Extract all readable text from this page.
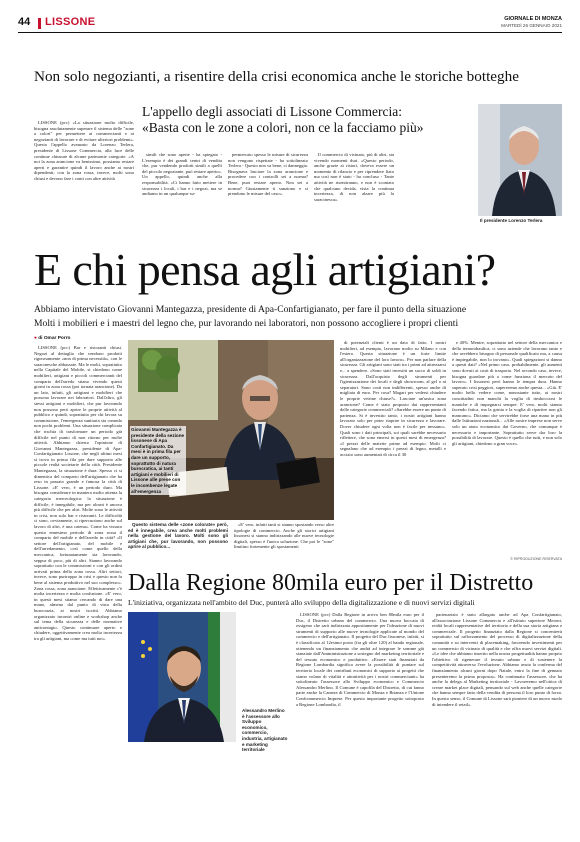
44 LISSONE	GIORNALE DI MONZA
MARTEDÌ 26 GENNAIO 2021
Non solo negozianti, a risentire della crisi economica anche le storiche botteghe
L'appello degli associati di Lissone Commercia:
«Basta con le zone a colori, non ce la facciamo più»

LISSONE (pcc) «La situazione molto difficile, bisogna assolutamente superare il sistema delle "zone a colori" per permettere ai commercianti e ai negozianti di lavorare e di evitare ulteriori problemi». Questo l'appello avanzato da Lorenzo Terlera, presidente di Lissone Commercia, alla luce delle continue chiusure di alcune parimonie categorie. «A noi la zona arancione va benissimo, possiamo restare aperti e garantire quindi il lavoro anche ai nostri dipendenti; con la zona rossa, invece, molti sono chiusi e devono fare i conti con altre attività

simili che sono aperte - ha spiegato - L'esempio è dei grandi centri di vendita che, pur vendendo prodotti simili a quelli del piccolo negoziante, può restare aperto». Un appello, quindi anche alla responsabilità. «Ci hanno fatto mettere in sicurezza i locali, i bar e i negozi, ma se andiamo in un qualunque su-

permercato spesso le misure di sicurezza non vengono rispettate - ha sottolineato Terlera - Questo non va bene, ci danneggia. Bisognava lasciare la zona arancione e procedere con i controlli sei a norma? Bene, puoi restare aperto. Non sei a norma? Giustamente ti sanziono e si prendono le misure del caso».

Il commercio di vicinato, più di altri, sta vivendo momenti duri. «Questo periodo, anche grazie ai ristori, doveva essere un momento di rilancio e per riprendere fiato ma così non è stato - ha concluso - Tante attività ne risentiranno, e non è scontato che qualcuno decida, vista la continua incertezza, di non alzare più la saracinesca».

Il presidente Lorenzo Terlera
E chi pensa agli artigiani?
Abbiamo intervistato Giovanni Mantegazza, presidente di Apa-Confartigianato, per fare il punto della situazione
Molti i mobilieri e i maestri del legno che, pur lavorando nei laboratori, non possono accogliere i propri clienti
● di Omar Porro

LISSONE (pcc) Bar e ristoranti chiusi. Negozi al dettaglio che vendono prodotti rigorosamente «non di prima necessità», con le saracinesche abbassate. Ma le molti, soprattutto nella Capitale del Mobile, si chiedono come mobilieri, artigiani e piccoli commercianti del comparto dell'arredo stiano vivendo questi giorni in zona rossa (poi tornata arancione). Da un lato, infatti, gli artigiani e mobilieri che possono lavorare nei laboratori. Dall'altro, gli stessi artigiani e mobilieri, che pur lavorando non possono però aprire le proprie attività al pubblico e quindi, soprattutto per chi lavora su commissione, l'emergenza sanitaria sta creando non pochi problemi. Una situazione complicata che rischia di trasformare un periodo già difficile nel punto di non ritorno per molte attività. Abbiamo chiesto l'opinione di Giovanni Mantegazza, presidente di Apa-Confartigianato Lissone, che negli ultimi mesi si trova in prima fila per dare supporto alle piccole realtà societarie della città. Presidente Mantegazza, la situazione è dura. Spesso ci si dimentica del comparto dell'artigianato che ha reso in passato grande e famosa la città di Lissone. «E' vero, è un periodo duro. Ma bisogna considerare in maniera molto attenta la categoria merceologica: la situazione è difficile, è innegabile, ma per alcuni è ancora più difficile che per altri. Molte sono le attività in crisi, non solo bar e ristoranti. Le difficoltà ci sono, ovviamente, si ripercuotono anche sul lavoro di altri, è una catena». Come ha vissuto questo ennesimo periodo di zona rossa il comparto del mobile e dell'arredo in città? «Il settore dell'artigianato, del mobile e dell'arredamento, così come quello della meccanica, fortunatamente sta lavorando, seppur di poco, più di altri. Stanno lavorando soprattutto con le commissioni e con gli ordini arrivati prima della zona rossa. Altri settori, invece, sono purtroppo in crisi e questo non fa bene al sistema produttivo nel suo complesso». Zona rossa, zona arancione. Effettivamente c'è molta incertezza e molta confusione. «E' vero, in questi mesi stiamo cercando di dare una mano, almeno dal punto di vista della burocrazia, ai nostri iscritti. Abbiamo organizzato incontri online e workshop anche sul tema della sicurezza e delle normative anticontagio. Questo continuare aperto e chiudere, oggettivamente crea molta incertezza tra gli artigiani, ma come ma tutti noi».

Giovanni Mantegazza è presidente della sezione lissonese di Apa Confartigianato. Da mesi è in prima fila per dare un supporto, soprattutto di natura burocratica, ai tanti artigiani e mobilieri di Lissone alle prese con le incombenze legate all'emergenza

Questo sistema delle «zone colorate» però, ed è innegabile, crea anche molti problemi nella gestione del lavoro. Molti sono gli artigiani che, pur lavorando, non possono aprire al pubblico...

«E' vero, infatti tanti si stanno spostando verso altre tipologie di commercio. Anche gli storici artigiani lissonesi si stanno indirizzando alle nuove tecnologie digitali, spesso è l'unica soluzione. Che poi le "zone" limitino fortemente gli spostamenti

di potenziali clienti è un dato di fatto. I nostri mobilieri, ad esempio, lavorano molto su Milano e con l'estero. Questa situazione è un forte limite all'organizzazione del loro lavoro». Per non parlare della sicurezza. Gli artigiani sono stati tra i primi ad attrezzarsi e... a spendere. «Sono stati investiti un sacco di soldi in sicurezza. Dall'acquisto degli strumenti per l'igienizzazione dei locali e degli showroom, al gel o ai separatori. Sono costi non indifferenti, spesso anche di migliaia di euro. Per cosa? Magari per vedersi chiudere le proprie vetrine chiuse?». Lasciare un'unica zona arancione? Come è stato proposto dai rappresentanti delle categorie commerciali? «Sarebbe essere un punto di partenza. Si è investito tanto, i nostri artigiani hanno lavorato solo per poter riaprire in sicurezza e lavorare. Dover chiudere ogni volta non è facile per nessuno». Quali sono i dati principali, soi quali sarebbe necessario riflettere, che sono emersi in questi mesi di emergenza? «I prezzi delle materie prime ad esempio. Molti ci segnalano che ad esempio i prezzi di legno, metalli e acciaio sono aumentati di circa il 30

e 40%. Mentre, soprattutto nel settore della meccanica e della termoidraulica, ci sono aziende che lavorano tanto e che avrebbero bisogno di personale qualificato ma, a causa è impiegabile, non lo trovano». Quali spiegazioni si danno a questi dati? «Nel primo caso, probabilmente, gli aumenti sono dovuti ai costi di trasporto. Nel secondo caso, invece, bisogna guardare più a come funziona il mercato del lavoro». I lissonesi però hanno le tempra dura. Hanno superato crisi peggiori, supereremo anche questa... «Già. E' molto bello vedere come, nonostante tutto, ai nostri concittadini non manchi la voglia di rimboccarsi le maniche e di impegnarsi sempre. E' vero, molti stanno facendo fatica, ma la grinta e la voglia di ripartire non gli mancano». Diciamo che servirebbe forse una mano in più dalle Istituzioni nazionali... «Alle nostre imprese non serve solo un aiuto economico dai Governo, che comunque è necessario e importante. Soprattutto serve dar loro la possibilità di lavorare. Questo è quello che tutti, e non solo gli artigiani, chiedono a gran voce».

© RIPRODUZIONE RISERVATA
Dalla Regione 80mila euro per il Distretto
L'iniziativa, organizzata nell'ambito del Duc, punterà allo sviluppo della digitalizzazione e di nuovi servizi digitali
Alessandro Merlino è l'assessore allo Sviluppo economico, commercio, industria, artigianato e marketing territoriale

LISSONE (pcc) Dalla Regione in arrivo ben 80mila euro per il Duc, il Distretto urbano del commercio. Una nuova boccata di ossigeno che sarà indirizzata appositamente per l'ideazione di nuovi strumenti di supporto alle nuove tecnologie applicate al mondo del commercio e dell'artigianato. Il progetto del Duc lissonese, infatti, si è classificato al 12esimo posto (fra gli oltre 120) al bando regionale, ottenendo un finanziamento che andrà ad integrare le somme già stanziate dall'Amministrazione a sostegno del marketing territoriale e del tessuto economico e produttivo. «Essere stati finanziati da Regione Lombardia significa avere la possibilità di puntare sul territorio locale dei contributi economici di supporto ai progetti che siamo volano di vitalità e attrattività per i nostri commercianti» ha sottolineato l'assessore allo Sviluppo economico e Commercio Alessandro Merlino. Il Comune è capofila del Distretto, di cui fanno parte anche la Camera di Commercio di Monza e Brianza e l'Unione Confcommercio Imprese. Per questo importante progetto sottoposto a Regione Lombardia, il

partenariato è stato allargato anche ad Apa Confartigianato, all'associazione Lissone Commercia e all'istituto superiore Meroni, realtà locali rappresentative del territorio e della sua storia artigiana e commerciale. Il progetto finanziato dalla Regione si concentrerà soprattutto sul rafforzamento del processo di digitalizzazione della comunità e su interventi di placemaking, favorendo investimenti per un commercio di vicinato di qualità e che offra nuovi servizi digitali. «Le idee che abbiamo inserito nella nostra progettualità hanno proprio l'obiettivo di rigenerare il tessuto urbano e di sostenere la competitività attraverso l'evoluzione. Abbiamo avuto la conferma del finanziamento alcuni giorni dopo Natale, entro la fine di gennaio presenteremo la prima proposta». Ha continuato l'assessore, che ha anche la delega al Marketing territoriale - Lavoreremo nell'ottica di creare market place digitali, pensando sul web anche quelle categorie che hanno sempre fatto della vendita di persona il loro punto di forza. In questo senso, il Comune di Lissone sarà pioniere di un nuovo modo di intendere il retail».
